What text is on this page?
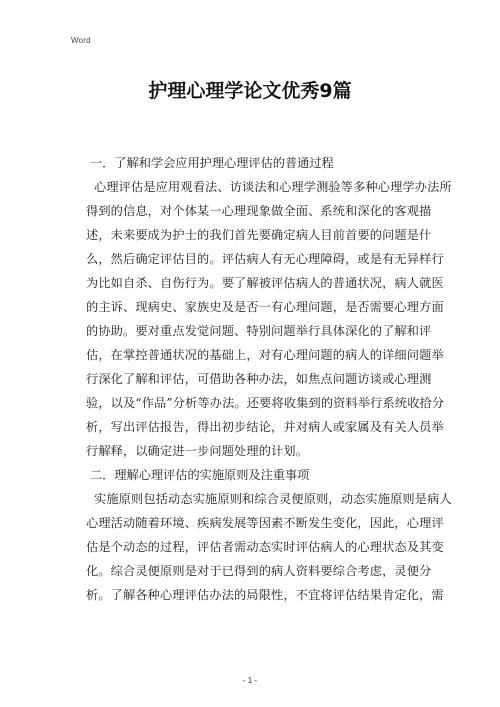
Word
护理心理学论文优秀9篇
一．了解和学会应用护理心理评估的普通过程
心理评估是应用观看法、访谈法和心理学测验等多种心理学办法所
得到的信息，对个体某一心理现象做全面、系统和深化的客观描
述，未来要成为护士的我们首先要确定病人目前首要的问题是什
么，然后确定评估目的。评估病人有无心理障碍，或是有无异样行
为比如自杀、自伤行为。要了解被评估病人的普通状况，病人就医
的主诉、现病史、家族史及是否一有心理问题，是否需要心理方面
的协助。要对重点发觉问题、特别问题举行具体深化的了解和评
估，在掌控普通状况的基础上，对有心理问题的病人的详细问题举
行深化了解和评估，可借助各种办法，如焦点问题访谈或心理测
验，以及“作品”分析等办法。还要将收集到的资料举行系统收拾分
析，写出评估报告，得出初步结论，并对病人或家属及有关人员举
行解释，以确定进一步问题处理的计划。
二．理解心理评估的实施原则及注重事项
实施原则包括动态实施原则和综合灵便原则，动态实施原则是病人
心理活动随着环境、疾病发展等因素不断发生变化，因此，心理评
估是个动态的过程，评估者需动态实时评估病人的心理状态及其变
化。综合灵便原则是对于已得到的病人资料要综合考虑，灵便分
析。了解各种心理评估办法的局限性，不宜将评估结果肯定化，需
- 1 -
